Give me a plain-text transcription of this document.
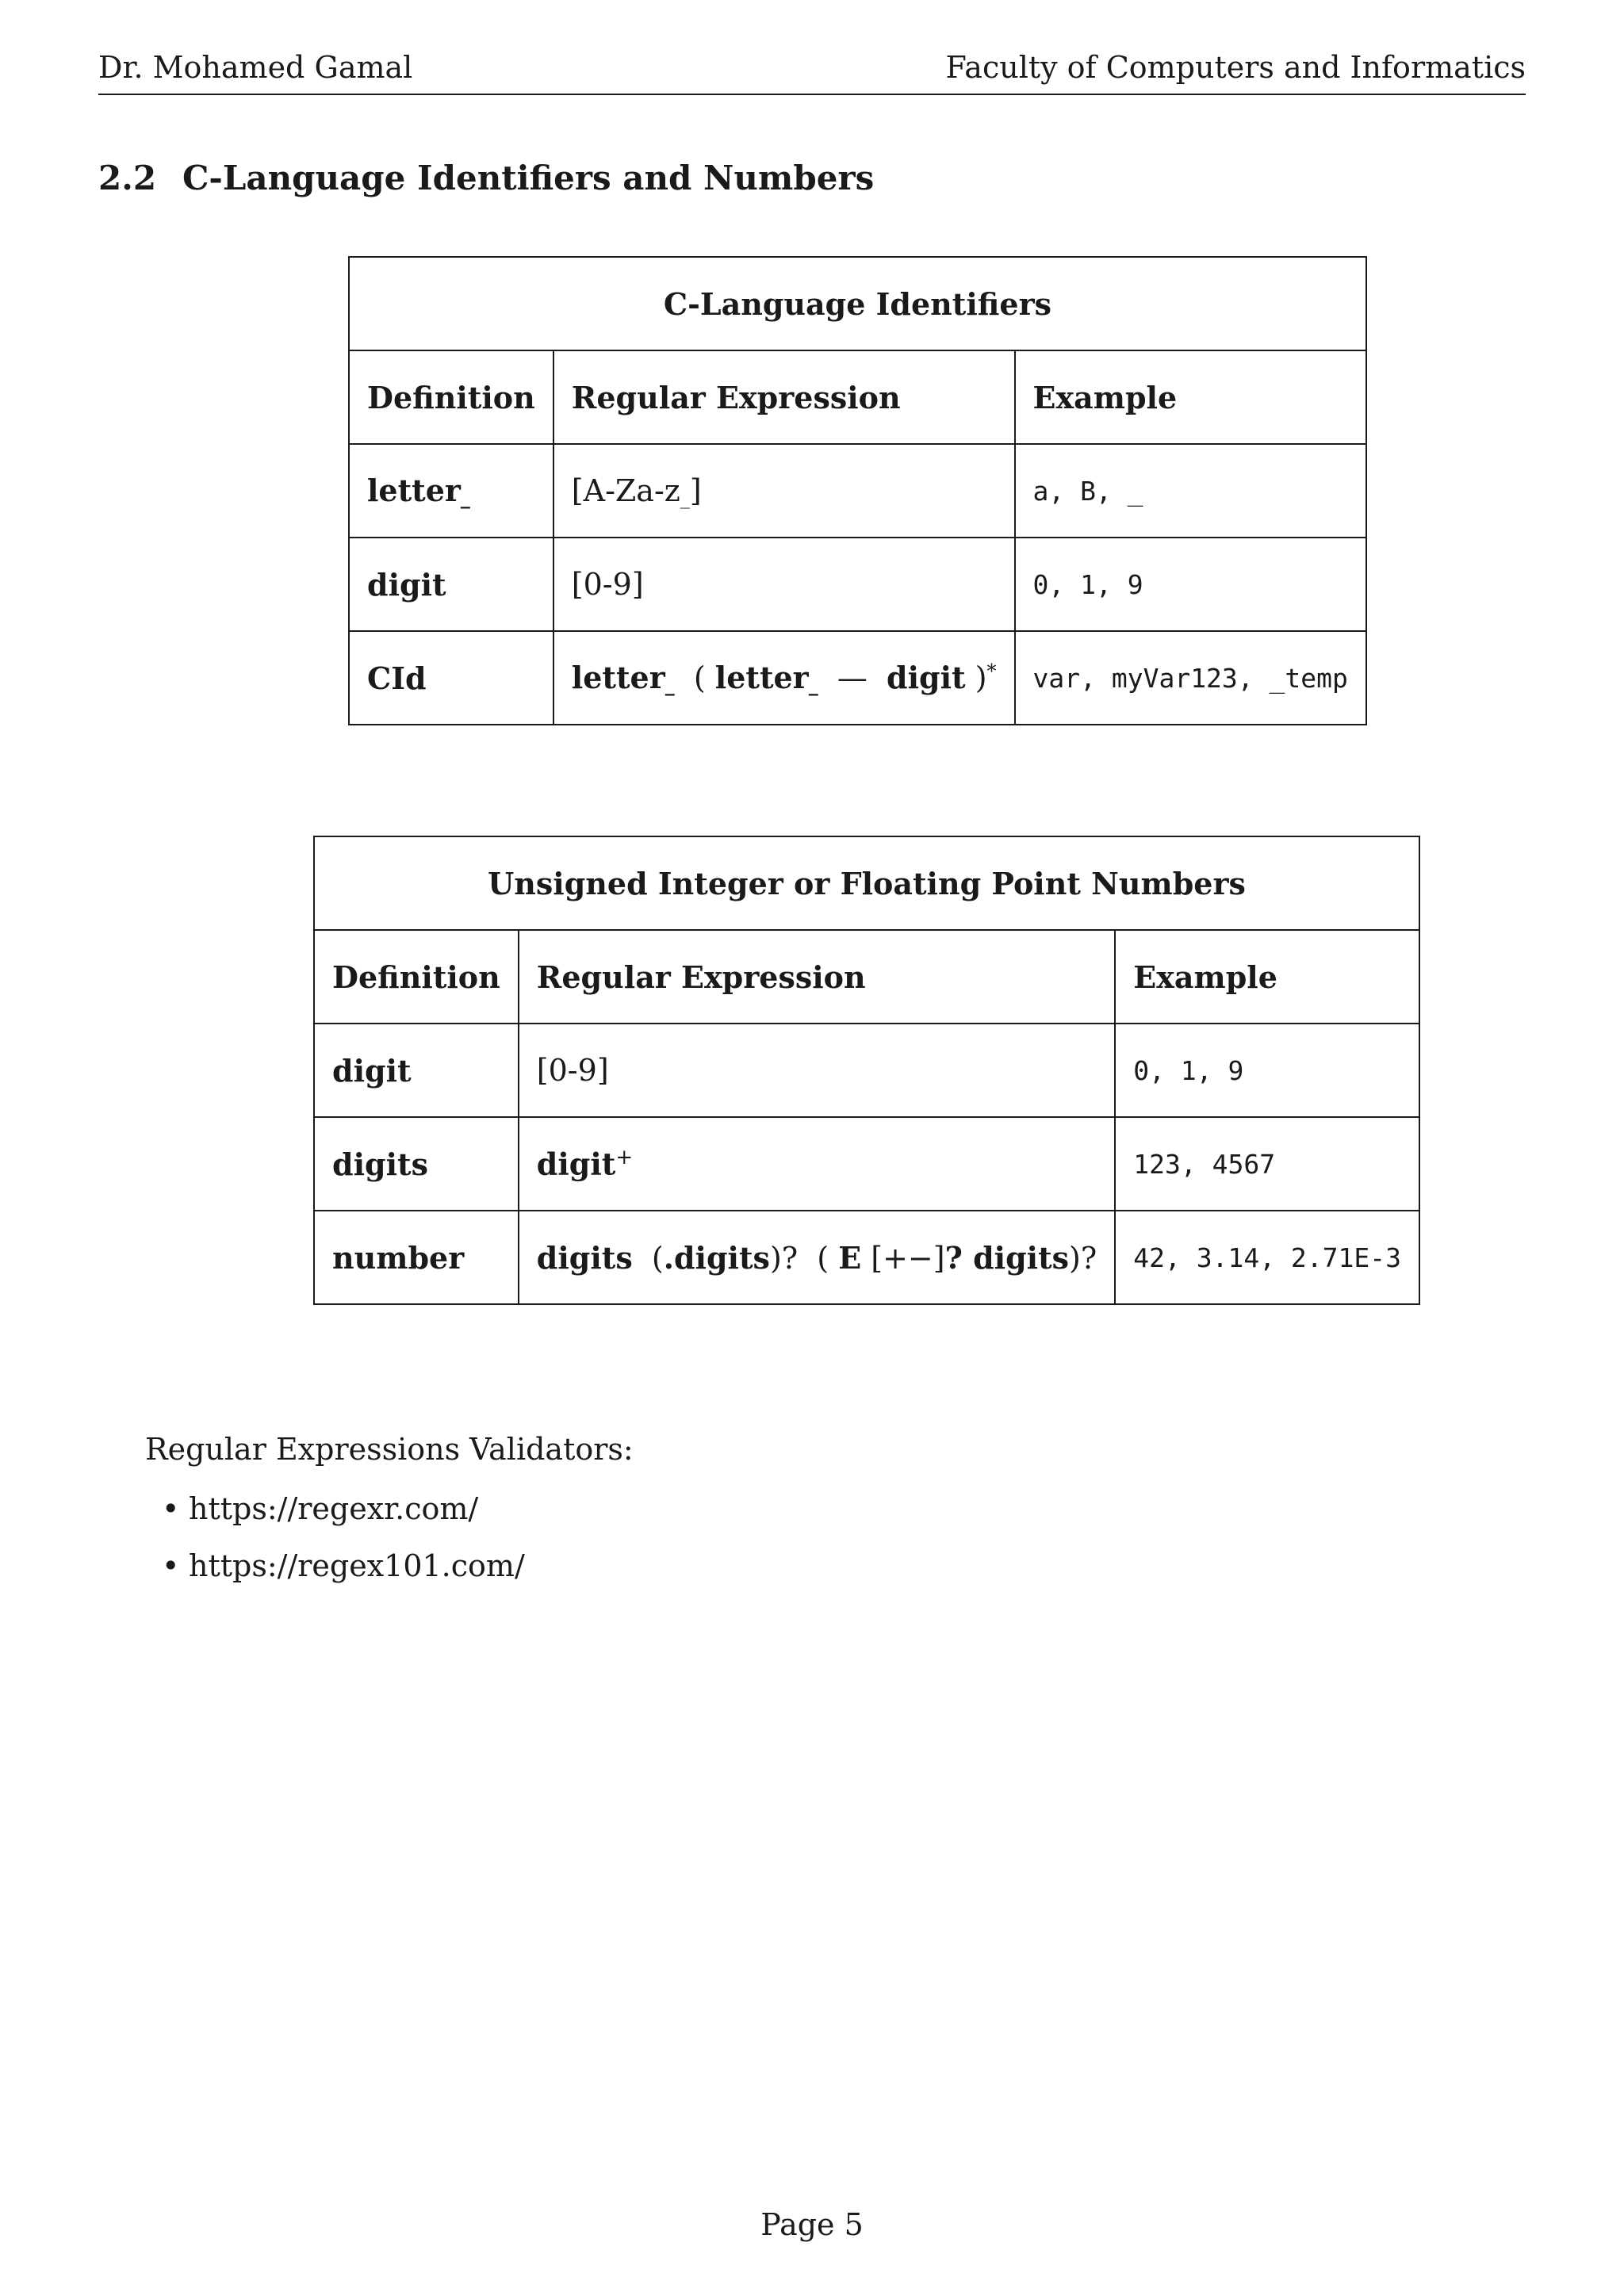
Dr. Mohamed Gamal	Faculty of Computers and Informatics
2.2 C-Language Identifiers and Numbers
C-Language Identifiers		
Definition	Regular Expression	Example
letter_	[A-Za-z_]	a, B, _
digit	[0-9]	0, 1, 9
CId	letter_  ( letter_  —  digit )*	var, myVar123, _temp
Unsigned Integer or Floating Point Numbers		
Definition	Regular Expression	Example
digit	[0-9]	0, 1, 9
digits	digit+	123, 4567
number	digits  (.digits)?  ( E [+−]? digits)?	42, 3.14, 2.71E-3
Regular Expressions Validators:
• https://regexr.com/
• https://regex101.com/
Page 5
